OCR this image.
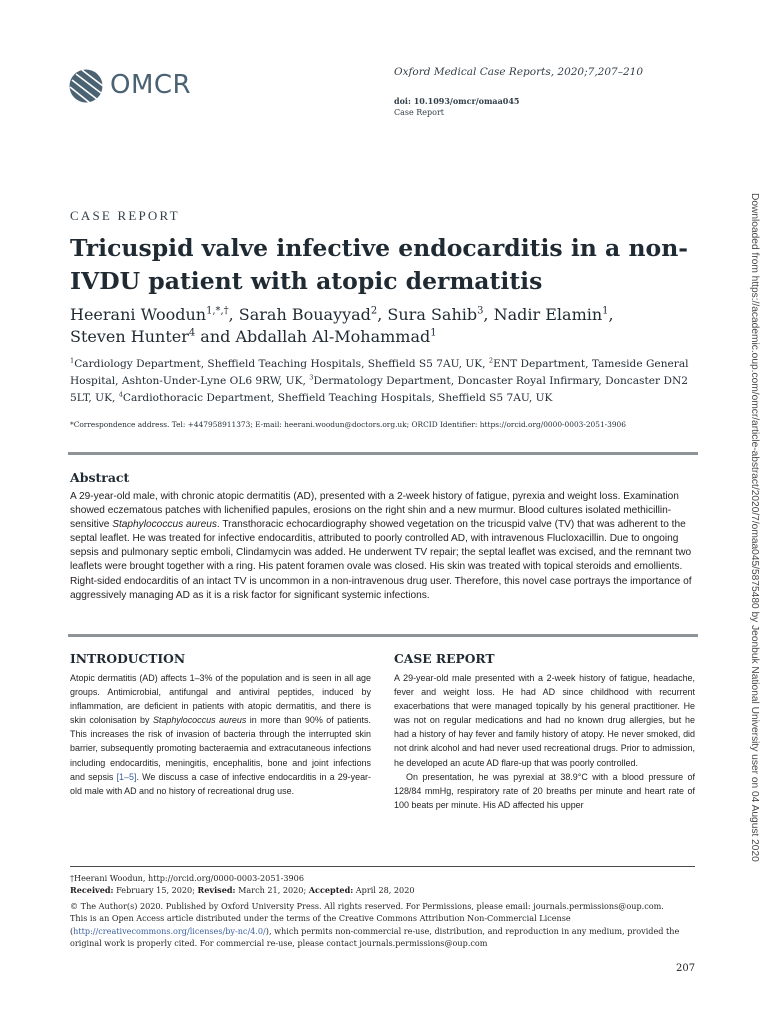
OMCR	Oxford Medical Case Reports, 2020;7,207–210
doi: 10.1093/omcr/omaa045
Case Report
CASE REPORT
Tricuspid valve infective endocarditis in a non-IVDU patient with atopic dermatitis
Heerani Woodun$^{1,*,\dagger}$, Sarah Bouayyad$^2$, Sura Sahib$^3$, Nadir Elamin$^1$,
Steven Hunter$^4$ and Abdallah Al-Mohammad$^1$
$^1$Cardiology Department, Sheffield Teaching Hospitals, Sheffield S5 7AU, UK, $^2$ENT Department, Tameside General Hospital, Ashton-Under-Lyne OL6 9RW, UK, $^3$Dermatology Department, Doncaster Royal Infirmary, Doncaster DN2 5LT, UK, $^4$Cardiothoracic Department, Sheffield Teaching Hospitals, Sheffield S5 7AU, UK
*Correspondence address. Tel: +447958911373; E-mail: heerani.woodun@doctors.org.uk; ORCID Identifier: https://orcid.org/0000-0003-2051-3906
Abstract
A 29-year-old male, with chronic atopic dermatitis (AD), presented with a 2-week history of fatigue, pyrexia and weight loss. Examination showed eczematous patches with lichenified papules, erosions on the right shin and a new murmur. Blood cultures isolated methicillin-sensitive Staphylococcus aureus. Transthoracic echocardiography showed vegetation on the tricuspid valve (TV) that was adherent to the septal leaflet. He was treated for infective endocarditis, attributed to poorly controlled AD, with intravenous Flucloxacillin. Due to ongoing sepsis and pulmonary septic emboli, Clindamycin was added. He underwent TV repair; the septal leaflet was excised, and the remnant two leaflets were brought together with a ring. His patent foramen ovale was closed. His skin was treated with topical steroids and emollients. Right-sided endocarditis of an intact TV is uncommon in a non-intravenous drug user. Therefore, this novel case portrays the importance of aggressively managing AD as it is a risk factor for significant systemic infections.
INTRODUCTION

Atopic dermatitis (AD) affects 1–3% of the population and is seen in all age groups. Antimicrobial, antifungal and antiviral peptides, induced by inflammation, are deficient in patients with atopic dermatitis, and there is skin colonisation by Staphylococcus aureus in more than 90% of patients. This increases the risk of invasion of bacteria through the interrupted skin barrier, subsequently promoting bacteraemia and extracutaneous infections including endocarditis, meningitis, encephalitis, bone and joint infections and sepsis [1–5]. We discuss a case of infective endocarditis in a 29-year-old male with AD and no history of recreational drug use.

CASE REPORT

A 29-year-old male presented with a 2-week history of fatigue, headache, fever and weight loss. He had AD since childhood with recurrent exacerbations that were managed topically by his general practitioner. He was not on regular medications and had no known drug allergies, but he had a history of hay fever and family history of atopy. He never smoked, did not drink alcohol and had never used recreational drugs. Prior to admission, he developed an acute AD flare-up that was poorly controlled.

On presentation, he was pyrexial at 38.9°C with a blood pressure of 128/84 mmHg, respiratory rate of 20 breaths per minute and heart rate of 100 beats per minute. His AD affected his upper

†Heerani Woodun, http://orcid.org/0000-0003-2051-3906

Received: February 15, 2020; Revised: March 21, 2020; Accepted: April 28, 2020

© The Author(s) 2020. Published by Oxford University Press. All rights reserved. For Permissions, please email: journals.permissions@oup.com.

This is an Open Access article distributed under the terms of the Creative Commons Attribution Non-Commercial License (http://creativecommons.org/licenses/by-nc/4.0/), which permits non-commercial re-use, distribution, and reproduction in any medium, provided the original work is properly cited. For commercial re-use, please contact journals.permissions@oup.com

207
Downloaded from https://academic.oup.com/omcr/article-abstract/2020/7/omaa045/5875480 by Jeonbuk National University user on 04 August 2020
